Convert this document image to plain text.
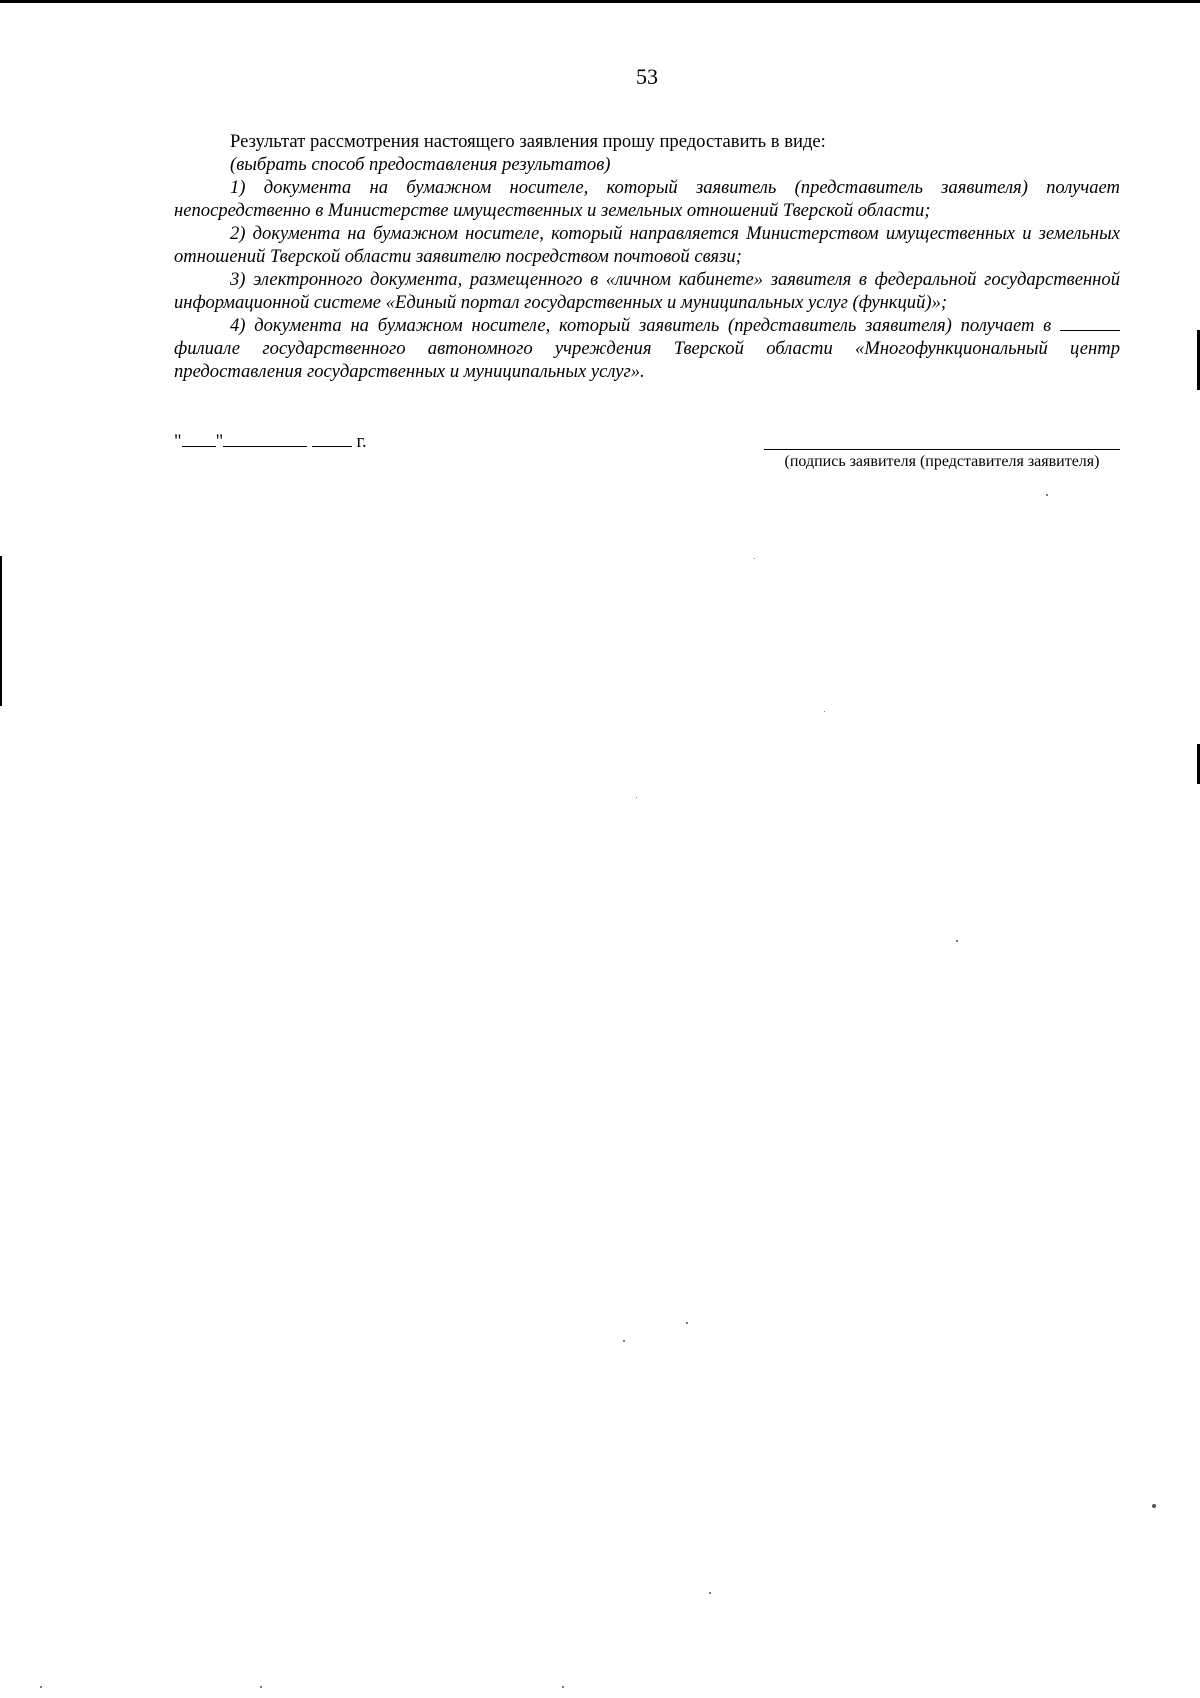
53

Результат рассмотрения настоящего заявления прошу предоставить в виде:

(выбрать способ предоставления результатов)

1) документа на бумажном носителе, который заявитель (представитель заявителя) получает непосредственно в Министерстве имущественных и земельных отношений Тверской области;

2) документа на бумажном носителе, который направляется Министерством имущественных и земельных отношений Тверской области заявителю посредством почтовой связи;

3) электронного документа, размещенного в «личном кабинете» заявителя в федеральной государственной информационной системе «Единый портал государственных и муниципальных услуг (функций)»;

4) документа на бумажном носителе, который заявитель (представитель заявителя) получает в  филиале государственного автономного учреждения Тверской области «Многофункциональный центр предоставления государственных и муниципальных услуг».

" "	г.
(подпись заявителя (представителя заявителя)
